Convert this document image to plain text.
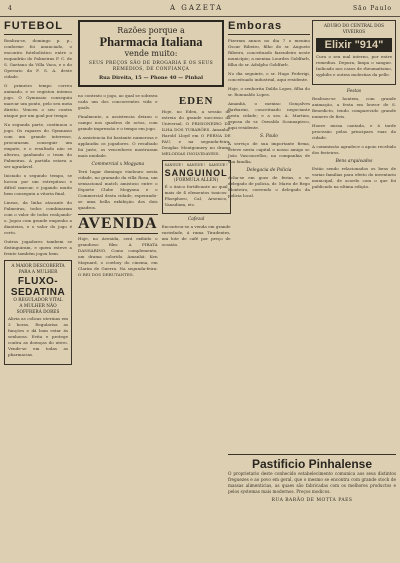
4	A GAZETA	São Paulo
FUTEBOL

Realiza-se, domingo p. p., conforme foi anunciado, o encontro futebolistico entre o esquadrão do Palmeiras F. C. de S. Gaetano da Villa Vaca, e o do Operario da F. S. A. deste cidade.

O primeiro tempo correu animado, e se registou intenso jogo. O Gymnasio conseguiu marcar um ponto, pelo seu meia direito. Venceu o seu contra ataque por um goal por tempo.

Na segunda parte, continuou o jogo. Os rapazes do Gymnasio com um grande interesse, procuraram conseguir um empate, e o resultado não se alterou, ganhando o team do Palmeiras. A partida estava a ser agradavel.

Iniciado o segundo tempo, se lucrou por um estrepitoso e difícil marcar, e jogando muito bem conseguiu a vitoria final.

Lineas, da linha atacante do Palmeiras, todos combinaram com o valor de todos realçando-o. Jogou com grande empenho a dianteira, e o valor do jogo é certo.

Outros jogadores tambem se distinguiram, e quem esteve a frente também jogou bem.

A MAIOR DESCOBERTA PARA A MULHER
FLUXO-SEDATINA
O REGULADOR VITAL
A MULHER NÃO SOFFRERÁ DORES

Alivia as colicas uterinas em 3 horas. Regularisa as funções e dá bom estar ás senhoras. Evita e protege contra as doenças do utero. Vende-se em todas as pharmacias.

Razões porque a
Pharmacia Italiana
vende muito:
SEUS PREÇOS SÃO DE DROGARIA E OS SEUS REMEDIOS, DE CONFIANÇA
Rua Direita, 15 — Phone 40 — Pinhal

no contrato o jogo, ao qual se sobrava cada um dos concorrentes vida e goals.

Finalmente, a assistencia deixou o campo nos quadros de actos, com grande impressão e o tempo em jogo.

A assistencia foi bastante numerosa e applaudiu os jogadores. O resultado foi justo, os vencedores mostraram mais unidade.

Commercial x Mogyana

Terá lugar domingo vindouro nesta cidade, no gramado da villa Rosa, um sensacional match amistoso entre o Esporte Clube Mogyana e o Commercial desta cidade, esperando-se uma bella exhibição dos dois quadros.

AVENIDA

Hoje, no Avenida, será exibido o grandioso film: A PIRATA DANSARINO. Como complemento, um drama colorido. Amanhã: Ken Maynard, o cowboy do cinema, em Clarim de Guerra. Na segunda-feira: O REI DOS DEBUTANTES.

EDEN

Hoje, no Eden, a sessão de estreia do grande successo da Universal, O PRISIONEIRO DA ILHA DOS TUBARÕES. Amanhã: Harold Lloyd em O PERNA DE PAU, e na segunda-feira, Douglas Montgomery no drama MELODIAS INOLVIDAVEIS.

SANGUE ! SANGUE ! SANGUE !
SANGUINOL
(FORMULA ALLEN)

É o único fortificante ao qual mais de 4 elementos tonicos: Phosphoro, Cal, Arsenico, Vanadium, etc.

Cafezal

Encontrou-se a venda em grande variedade, á ruma Tiradentes, um lote de café por preço de ocasião.

Emboras

Fizeram annos no dia 7 o menino Oscar Ribeiro, filho do sr. Augusto Ribeiro, conceituado fazendeiro neste município; a menina Lourdes Goldfarb, filha do sr. Adolpho Goldfarb.

No dia seguinte, o sr. Hugo Federigi, conceituado industrial, aqui residente.

Hoje, o senhorita Dalila Lopes, filha do sr. Romualdo Lopes.

Amanhã, o menino Gonçalves Barbarini, conceituado negociante nesta cidade; e a sra. A. Martins, esposa do sr. Oswaldo Scannapieco, aqui residente.

S. Paulo

A serviço de sua importante firma, esteve nesta capital o nosso amigo sr. João Vasconcellos, na companhia de sua família.

Delegacia de Policia

Acha-se em gozo de ferias, o sr. delegado de policia, dr. Mario de Rego Monteiro, correndo o delegado da policia local.

ADUBO DO CENTRAL DOS VIVEIROS
Elixir "914"

Cura o seu mal interno, por entre remedios. Depura, limpa o sangue. Indicado nos casos de rheumatismo, syphilis e outras molestias da pelle.

Festas

Realisou-se hontem, com grande animação, a festa em louvor de S. Benedicto, tendo comparecido grande numero de fieis.

Houve missa cantada, e á tarde procissão pelas principaes ruas da cidade.

A commissão agradece o apoio recebido dos festeiros.

Bens arquivados

Estão sendo relacionados os bens de varias familias para efeito do inventario municipal, de acordo com o que foi publicado na ultima edição.

Pastificio Pinhalense

O proprietario deste conhecido estabelecimento comunica aos seus distintos freguezes e ao povo em geral, que o mesmo se encontra com grande stock de massas alimenticias, as quaes são fabricadas com os melhores productos e pelos systemas mais modernos. Preços modicos.

RUA BARÃO DE MOTTA PAES
